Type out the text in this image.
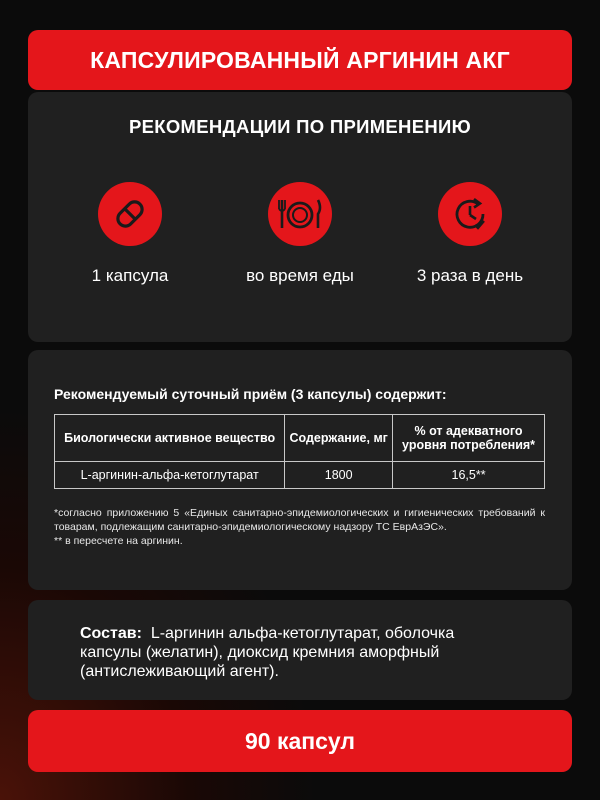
КАПСУЛИРОВАННЫЙ АРГИНИН АКГ
РЕКОМЕНДАЦИИ ПО ПРИМЕНЕНИЮ
1 капсула	во время еды	3 раза в день
Рекомендуемый суточный приём (3 капсулы) содержит:
Биологически активное вещество	Содержание, мг	% от адекватного уровня потребления*
L-аргинин-альфа-кетоглутарат	1800	16,5**

*согласно приложению 5 «Единых санитарно-эпидемиологических и гигиенических требований к товарам, подлежащим санитарно-эпидемиологическому надзору ТС ЕврАзЭС».

** в пересчете на аргинин.

Состав: L-аргинин альфа-кетоглутарат, оболочка капсулы (желатин), диоксид кремния аморфный (антислеживающий агент).
90 капсул
